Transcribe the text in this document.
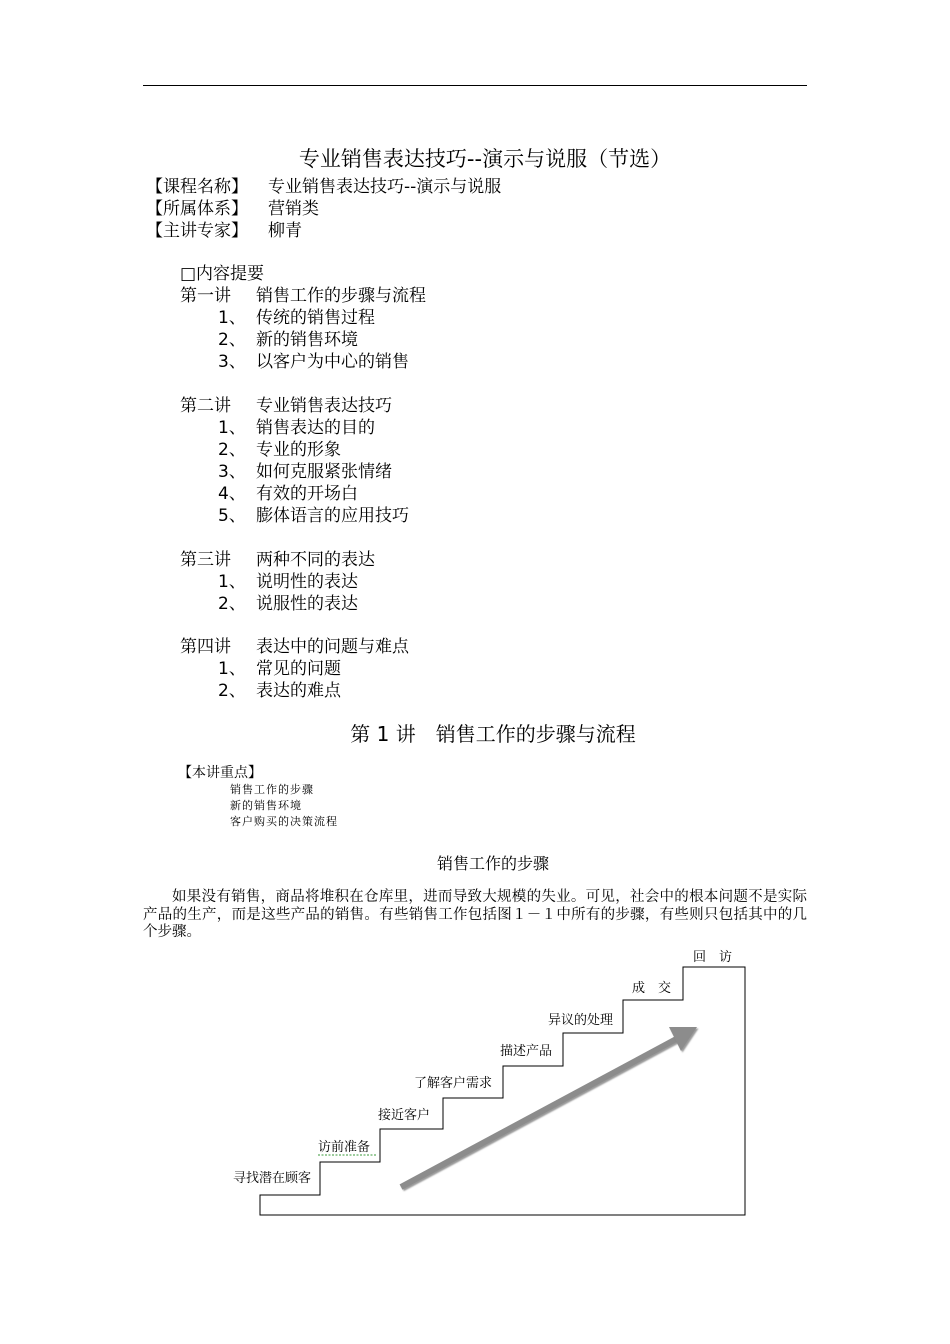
专业销售表达技巧--演示与说服（节选）
【课程名称】 专业销售表达技巧--演示与说服
【所属体系】 营销类
【主讲专家】 柳青
□内容提要
第一讲 销售工作的步骤与流程
1、 传统的销售过程
2、 新的销售环境
3、 以客户为中心的销售
第二讲 专业销售表达技巧
1、 销售表达的目的
2、 专业的形象
3、 如何克服紧张情绪
4、 有效的开场白
5、 膨体语言的应用技巧
第三讲 两种不同的表达
1、 说明性的表达
2、 说服性的表达
第四讲 表达中的问题与难点
1、 常见的问题
2、 表达的难点
第 1 讲　销售工作的步骤与流程
【本讲重点】
销售工作的步骤
新的销售环境
客户购买的决策流程
销售工作的步骤
如果没有销售，商品将堆积在仓库里，进而导致大规模的失业。可见，社会中的根本问题不是实际产品的生产，而是这些产品的销售。有些销售工作包括图１－１中所有的步骤，有些则只包括其中的几个步骤。
寻找潜在顾客
访前准备
接近客户
了解客户需求
描述产品
异议的处理
成　交
回　访
